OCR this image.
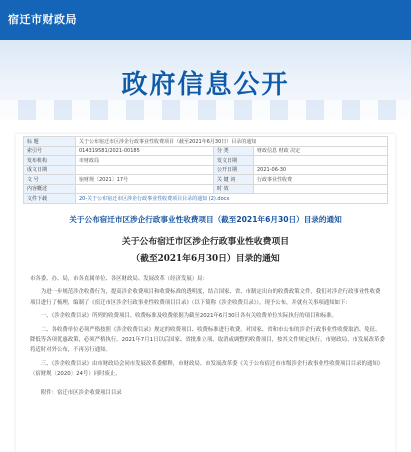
宿迁市财政局
政府信息公开
标 题	关于公布宿迁市区涉企行政事业性收费项目（截至2021年6月30日）目录的通知		
索引号	014319581/2021-00185	分 类	财政信息 财政 决定
发布机构	市财政局	发文日期	
成文日期		公开日期	2021-06-30
文 号	宿财规〔2021〕17号	关 键 词	行政事业性收费
内容概述		时 效	
文件下载	20-关于公布宿迁市区涉企行政事业性收费项目目录的通知 (2).docx		
关于公布宿迁市区涉企行政事业性收费项目（截至2021年6月30日）目录的通知
关于公布宿迁市区涉企行政事业性收费项目
（截至2021年6月30日）目录的通知

市各委、办、局，市各直属单位、各区财政局、发展改革（经济发展）局：

为进一步规范涉企收费行为，提高涉企收费项目和收费标准的透明度，结合国家、省、市制定出台的收费政策文件，我们对涉企行政事业性收费项目进行了梳理，编制了《宿迁市区涉企行政事业性收费项目目录》（以下简称《涉企收费目录》），现予公布，并就有关事项通知如下：

一、《涉企收费目录》所列的收费项目、收费标准及收费依据为截至2021年6月30日各有关收费单位实际执行的项目和标准。

二、各收费单位必须严格按照《涉企收费目录》规定的收费项目、收费标准进行收费，对国家、省和市公布的涉企行政事业性收费取消、免征、降低等各项优惠政策，必须严格执行。2021年7月1日以后国家、省批准立项、取消或调整的收费项目，按其文件规定执行。市财政局、市发展改革委将适时对外公布，不再另行通知。

三、《涉企收费目录》由市财政局会同市发展改革委解释，市财政局、市发展改革委《关于公布宿迁市市级涉企行政事业性收费项目目录的通知》（宿财规〔2020〕24号）同时废止。

附件：宿迁市区涉企收费项目目录
